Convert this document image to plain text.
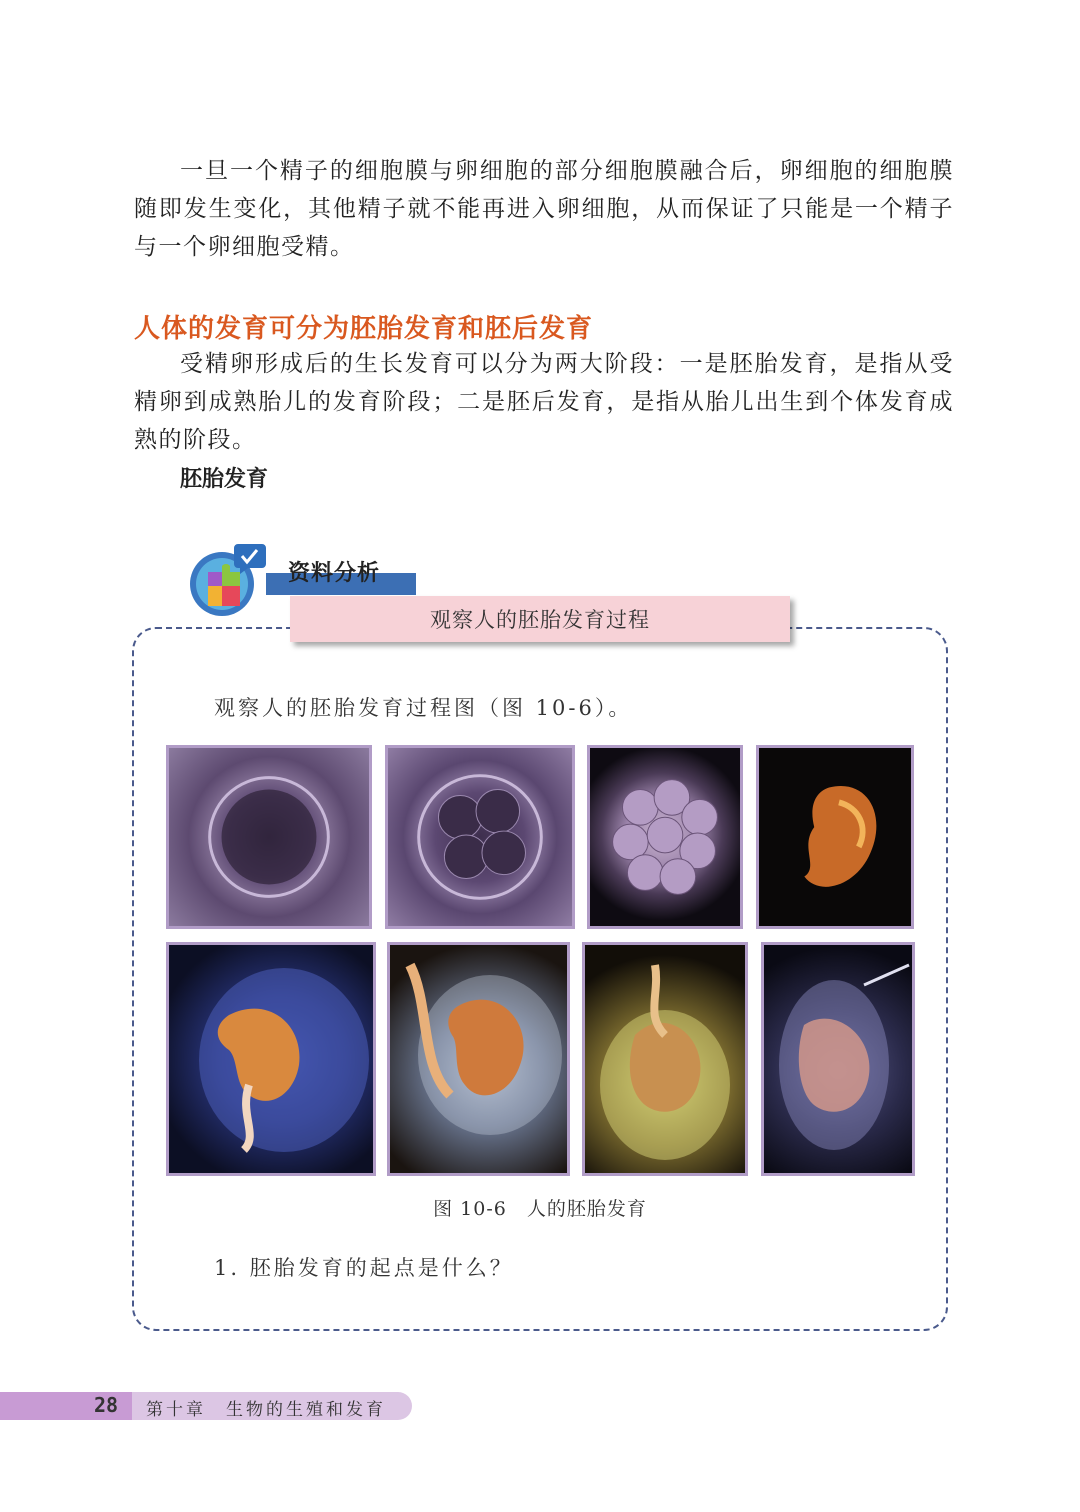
一旦一个精子的细胞膜与卵细胞的部分细胞膜融合后，卵细胞的细胞膜随即发生变化，其他精子就不能再进入卵细胞，从而保证了只能是一个精子与一个卵细胞受精。
人体的发育可分为胚胎发育和胚后发育
受精卵形成后的生长发育可以分为两大阶段：一是胚胎发育，是指从受精卵到成熟胎儿的发育阶段；二是胚后发育，是指从胎儿出生到个体发育成熟的阶段。
胚胎发育
资料分析
观察人的胚胎发育过程
观察人的胚胎发育过程图（图 10-6）。
图 10-6　人的胚胎发育
1. 胚胎发育的起点是什么？
28 第十章　生物的生殖和发育
